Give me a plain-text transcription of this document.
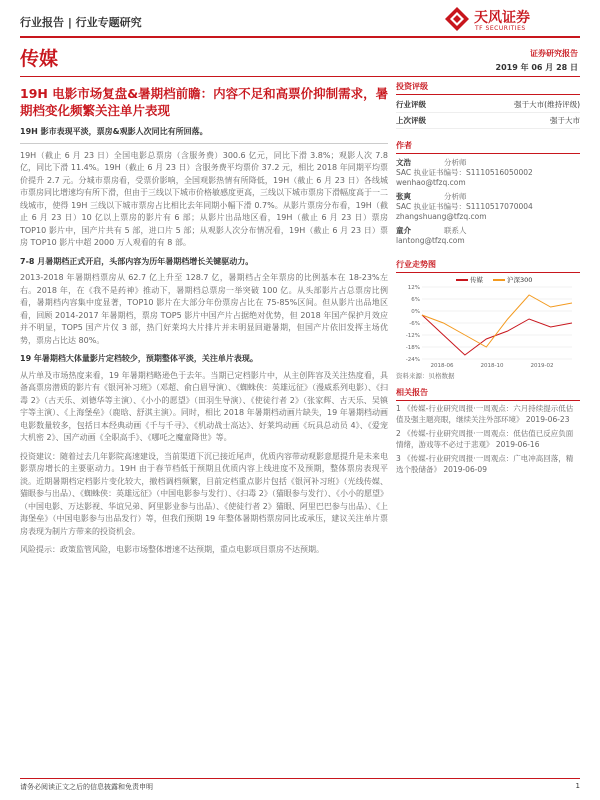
行业报告 | 行业专题研究	天风证券
TF SECURITIES
传媒	证券研究报告
2019 年 06 月 28 日
19H 电影市场复盘&暑期档前瞻：内容不足和高票价抑制需求，暑期档变化频繁关注单片表现
19H 影市表现平淡，票房&观影人次同比有所回落。
19H（截止 6 月 23 日）全国电影总票房（含服务费）300.6 亿元，同比下滑 3.8%；观影人次 7.8 亿，同比下滑 11.4%。19H（截止 6 月 23 日）含服务费平均票价 37.2 元，相比 2018 年同期平均票价提升 2.7 元。分城市票房看，受票价影响，全国观影热情有所降低，19H（截止 6 月 23 日）各线城市票房同比增速均有所下滑，但由于三线以下城市价格敏感度更高，三线以下城市票房下滑幅度高于一二线城市，使得 19H 三线以下城市票房占比相比去年同期小幅下滑 0.7%。从影片票房分布看，19H（截止 6 月 23 日）10 亿以上票房的影片有 6 部；从影片出品地区看，19H（截止 6 月 23 日）票房 TOP10 影片中，国产片共有 5 部，进口片 5 部；从观影人次分布情况看，19H（截止 6 月 23 日）票房 TOP10 影片中超 2000 万人观看的有 8 部。
7-8 月暑期档正式开启，头部内容为历年暑期档增长关键驱动力。
2013-2018 年暑期档票房从 62.7 亿上升至 128.7 亿，暑期档占全年票房的比例基本在 18-23%左右。2018 年，在《我不是药神》推动下，暑期档总票房一举突破 100 亿。从头部影片占总票房比例看，暑期档内容集中度显著，TOP10 影片在大部分年份票房占比在 75-85%区间。但从影片出品地区看，回顾 2014-2017 年暑期档，票房 TOP5 影片中国产片占据绝对优势，但 2018 年国产保护月效应并不明显，TOP5 国产片仅 3 部，热门好莱坞大片排片并未明显回避暑期，但国产片依旧发挥主场优势，票房占比达 80%。
19 年暑期档大体量影片定档较少，预期整体平淡，关注单片表现。
从片单及市场热度来看，19 年暑期档略逊色于去年。当期已定档影片中，从主创阵容及关注热度看，具备高票房潜质的影片有《银河补习班》（邓超、俞白眉导演）、《蜘蛛侠：英雄远征》（漫威系列电影）、《扫毒 2》（古天乐、刘德华等主演）、《小小的愿望》（田羽生导演）、《使徒行者 2》（张家辉、古天乐、吴镇宇等主演）、《上海堡垒》（鹿晗、舒淇主演）。同时，相比 2018 年暑期档动画片缺失，19 年暑期档动画电影数量较多，包括日本经典动画《千与千寻》、《机动战士高达》、好莱坞动画《玩具总动员 4》、《爱宠大机密 2》、国产动画《全职高手》、《哪吒之魔童降世》等。
投资建议：随着过去几年影院高速建设，当前渠道下沉已接近尾声，优质内容带动观影意愿提升是未来电影票房增长的主要驱动力。19H 由于春节档低于预期且优质内容上线进度不及预期，整体票房表现平淡。近期暑期档定档影片变化较大，撤档调档频繁，目前定档重点影片包括《银河补习班》（光线传媒、猫眼参与出品）、《蜘蛛侠：英雄远征》（中国电影参与发行）、《扫毒 2》（猫眼参与发行）、《小小的愿望》（中国电影、万达影视、华谊兄弟、阿里影业参与出品）、《使徒行者 2》猫眼、阿里巴巴参与出品）、《上海堡垒》（中国电影参与出品发行）等，但我们预期 19 年整体暑期档票房同比或承压，建议关注单片票房表现为制片方带来的投资机会。
风险提示：政策监管风险，电影市场整体增速不达预期，重点电影项目票房不达预期。
投资评级
行业评级	强于大市(维持评级)
上次评级	强于大市
作者
文浩	分析师
SAC 执业证书编号：S1110516050002
wenhao@tfzq.com
张爽	分析师
SAC 执业证书编号：S1110517070004
zhangshuang@tfzq.com
童介	联系人
lantong@tfzq.com
行业走势图
传媒	沪深300
12%
6%
0%
-6%
-12%
-18%
-24%
2018-06	2018-10	2019-02
资料来源：贝格数据
相关报告
1 《传媒-行业研究周报·一周观点：六月持续提示低估值及强主题亮眼，继续关注外部环境》 2019-06-23
2 《传媒-行业研究周报·一周观点：低估值已反应负面情绪，游戏等不必过于悲观》 2019-06-16
3 《传媒-行业研究周报·一周观点：广电冲高回落，精选个股储备》 2019-06-09
请务必阅读正文之后的信息披露和免责申明	1
